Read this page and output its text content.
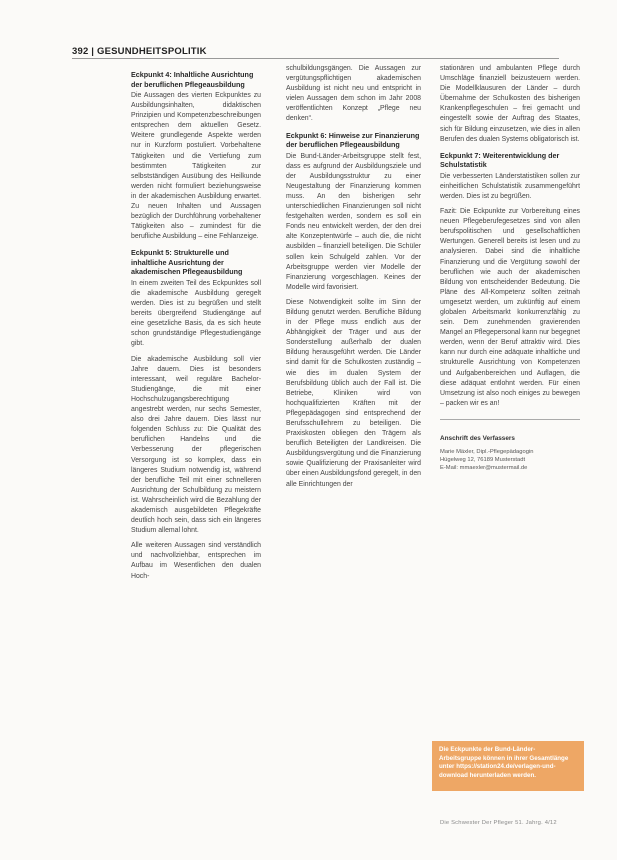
392 | GESUNDHEITSPOLITIK
Eckpunkt 4: Inhaltliche Ausrichtung der beruflichen Pflegeausbildung

Die Aussagen des vierten Eckpunktes zu Ausbildungsinhalten, didaktischen Prinzipien und Kompetenzbeschreibungen entsprechen dem aktuellen Gesetz. Weitere grundlegende Aspekte werden nur in Kurzform postuliert. Vorbehaltene Tätigkeiten und die Vertiefung zum bestimmten Tätigkeiten zur selbstständigen Ausübung des Heilkunde werden nicht formuliert beziehungsweise in der akademischen Ausbildung erwartet. Zu neuen Inhalten und Aussagen bezüglich der Durchführung vorbehaltener Tätigkeiten also – zumindest für die berufliche Ausbildung – eine Fehlanzeige.

Eckpunkt 5: Strukturelle und inhaltliche Ausrichtung der akademischen Pflegeausbildung

In einem zweiten Teil des Eckpunktes soll die akademische Ausbildung geregelt werden. Dies ist zu begrüßen und stellt bereits übergreifend Studiengänge auf eine gesetzliche Basis, da es sich heute schon grundständige Pflegestudiengänge gibt.

Die akademische Ausbildung soll vier Jahre dauern. Dies ist besonders interessant, weil reguläre Bachelor-Studiengänge, die mit einer Hochschulzugangsberechtigung angestrebt werden, nur sechs Semester, also drei Jahre dauern. Dies lässt nur folgenden Schluss zu: Die Qualität des beruflichen Handelns und die Verbesserung der pflegerischen Versorgung ist so komplex, dass ein längeres Studium notwendig ist, während der berufliche Teil mit einer schnelleren Ausrichtung der Schulbildung zu meistern ist. Wahrscheinlich wird die Bezahlung der akademisch ausgebildeten Pflegekräfte deutlich hoch sein, dass sich ein längeres Studium allemal lohnt.

Alle weiteren Aussagen sind verständlich und nachvollziehbar, entsprechen im Aufbau im Wesentlichen den dualen Hoch-

schulbildungsgängen. Die Aussagen zur vergütungspflichtigen akademischen Ausbildung ist nicht neu und entspricht in vielen Aussagen dem schon im Jahr 2008 veröffentlichten Konzept „Pflege neu denken“.

Eckpunkt 6: Hinweise zur Finanzierung der beruflichen Pflegeausbildung

Die Bund-Länder-Arbeitsgruppe stellt fest, dass es aufgrund der Ausbildungsziele und der Ausbildungsstruktur zu einer Neugestaltung der Finanzierung kommen muss. An den bisherigen sehr unterschiedlichen Finanzierungen soll nicht festgehalten werden, sondern es soll ein Fonds neu entwickelt werden, der den drei alte Konzeptentwürfe – auch die, die nicht ausbilden – finanziell beteiligen. Die Schüler sollen kein Schulgeld zahlen. Vor der Arbeitsgruppe werden vier Modelle der Finanzierung vorgeschlagen. Keines der Modelle wird favorisiert.

Diese Notwendigkeit sollte im Sinn der Bildung genutzt werden. Berufliche Bildung in der Pflege muss endlich aus der Abhängigkeit der Träger und aus der Sonderstellung außerhalb der dualen Bildung herausgeführt werden. Die Länder sind damit für die Schulkosten zuständig – wie dies im dualen System der Berufsbildung üblich auch der Fall ist. Die Betriebe, Kliniken wird von hochqualifizierten Kräften mit der Pflegepädagogen sind entsprechend der Berufsschullehrern zu beteiligen. Die Praxiskosten obliegen den Trägern als beruflich Beteiligten der Landkreisen. Die Ausbildungsvergütung und die Finanzierung sowie Qualifizierung der Praxisanleiter wird über einen Ausbildungsfond geregelt, in den alle Einrichtungen der

stationären und ambulanten Pflege durch Umschläge finanziell beizusteuern werden. Die Modellklausuren der Länder – durch Übernahme der Schulkosten des bisherigen Krankenpflegeschulen – frei gemacht und eingestellt sowie der Auftrag des Staates, sich für Bildung einzusetzen, wie dies in allen Berufen des dualen Systems obligatorisch ist.

Eckpunkt 7: Weiterentwicklung der Schulstatistik

Die verbesserten Länderstatistiken sollen zur einheitlichen Schulstatistik zusammengeführt werden. Dies ist zu begrüßen.

Fazit: Die Eckpunkte zur Vorbereitung eines neuen Pflegeberufegesetzes sind von allen berufspolitischen und gesellschaftlichen Wertungen. Generell bereits ist lesen und zu analysieren. Dabei sind die inhaltliche Finanzierung und die Vergütung sowohl der beruflichen wie auch der akademischen Bildung von entscheidender Bedeutung. Die Pläne des All-Kompetenz sollten zeitnah umgesetzt werden, um zukünftig auf einem globalen Arbeitsmarkt konkurrenzfähig zu sein. Dem zunehmenden gravierenden Mangel an Pflegepersonal kann nur begegnet werden, wenn der Beruf attraktiv wird. Dies kann nur durch eine adäquate inhaltliche und strukturelle Ausrichtung von Kompetenzen und Aufgabenbereichen und Auflagen, die diese adäquat entlohnt werden. Für einen Umsetzung ist also noch einiges zu bewegen – packen wir es an!

Anschrift des Verfassers
Marie Mäxler, Dipl.-Pflegepädagogin
Hügelweg 12, 76189 Musterstadt
E-Mail: mmaexler@mustermail.de
Die Eckpunkte der Bund-Länder-Arbeitsgruppe können in ihrer Gesamtlänge unter https://station24.de/verlagen-und-download herunterladen werden.
Die Schwester Der Pfleger 51. Jahrg. 4/12
